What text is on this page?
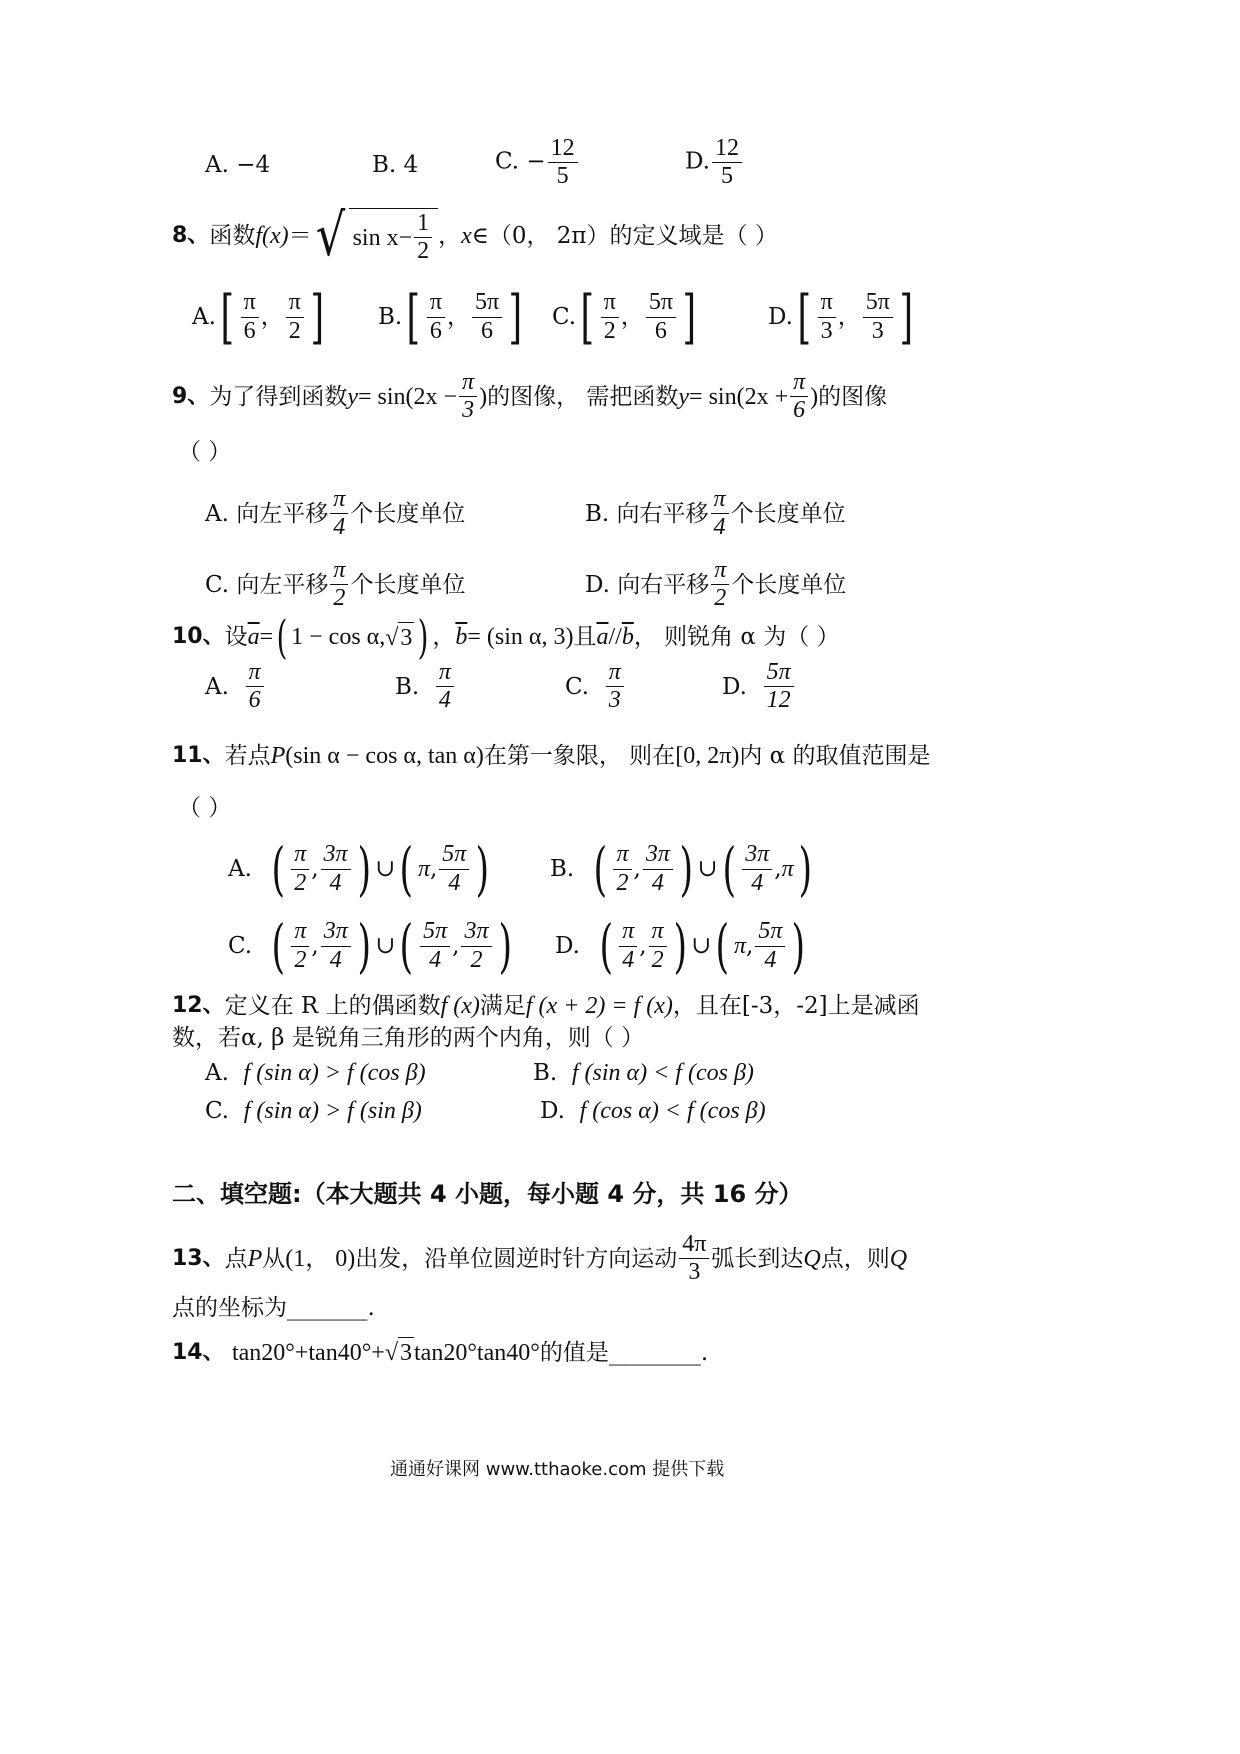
A. −4	B. 4	C. − $\frac{12}{5}$	D. $\frac{12}{5}$
8、 函数 f(x) ＝ √ $\sin x- \frac{1}{2}$ ， x ∈（0， 2π）的定义域是（ ）
A. [ $\frac{\pi}{6}$ ， $\frac{\pi}{2}$ ] B. [ $\frac{\pi}{6}$ ， $\frac{5\pi}{6}$ ] C. [ $\frac{\pi}{2}$ ， $\frac{5\pi}{6}$ ]	D. [ $\frac{\pi}{3}$ ， $\frac{5\pi}{3}$ ]
9、 为了得到函数 $y = \sin(2x - \frac{\pi}{3}$ ) 的图像， 需把函数 $y = \sin(2x + \frac{\pi}{6}$ ) 的图像
（ ）
A. 向左平移 $\frac{\pi}{4}$ 个长度单位	B. 向右平移 $\frac{\pi}{4}$ 个长度单位
C. 向左平移 $\frac{\pi}{2}$ 个长度单位	D. 向右平移 $\frac{\pi}{2}$ 个长度单位
10、 设 $\overline{a}$ = ( 1 − cos α, √ 3 ) ， $\overline{b} = (\sin$ α, 3) 且 $\overline{a} // \overline{b}$ ， 则锐角 α 为（ ）
A.
$\frac{\pi}{6}$	B.
$\frac{\pi}{4}$	C.
$\frac{\pi}{3}$	D.
$\frac{5\pi}{12}$
11、 若点 P ( sin α − cos α, tan α ) 在第一象限， 则在 [ 0, 2π ) 内 α 的取值范围是
（ ）
A.
( $\frac{\pi}{2}$ , $\frac{3\pi}{4}$ ) ∪ ( π , $\frac{5\pi}{4}$ )	B.
( $\frac{\pi}{2}$ , $\frac{3\pi}{4}$ ) ∪ ( $\frac{3\pi}{4}$ , π )
C.
( $\frac{\pi}{2}$ , $\frac{3\pi}{4}$ ) ∪ ( $\frac{5\pi}{4}$ , $\frac{3\pi}{2}$ ) D.
( $\frac{\pi}{4}$ , $\frac{\pi}{2}$ ) ∪ ( π , $\frac{5\pi}{4}$ )
12、 定义在 R 上的偶函数 f (x) 满足 f (x + 2) = f (x) ，且在[-3，-2]上是减函
数，若α, β 是锐角三角形的两个内角，则（ ）
A. f (sin α) > f (cos β)	B. f (sin α) < f (cos β)
C. f (sin α) > f (sin β)	D. f (cos α) < f (cos β)
二、填空题:（本大题共 4 小题，每小题 4 分，共 16 分）
13、 点 P 从 (1， 0) 出发，沿单位圆逆时针方向运动 $\frac{4\pi}{3}$ 弧长到达 Q 点，则 Q
点的坐标为_______.
14、
tan20°+tan40°+ √ 3 tan20°tan40° 的值是________.
通通好课网 www.tthaoke.com 提供下载
